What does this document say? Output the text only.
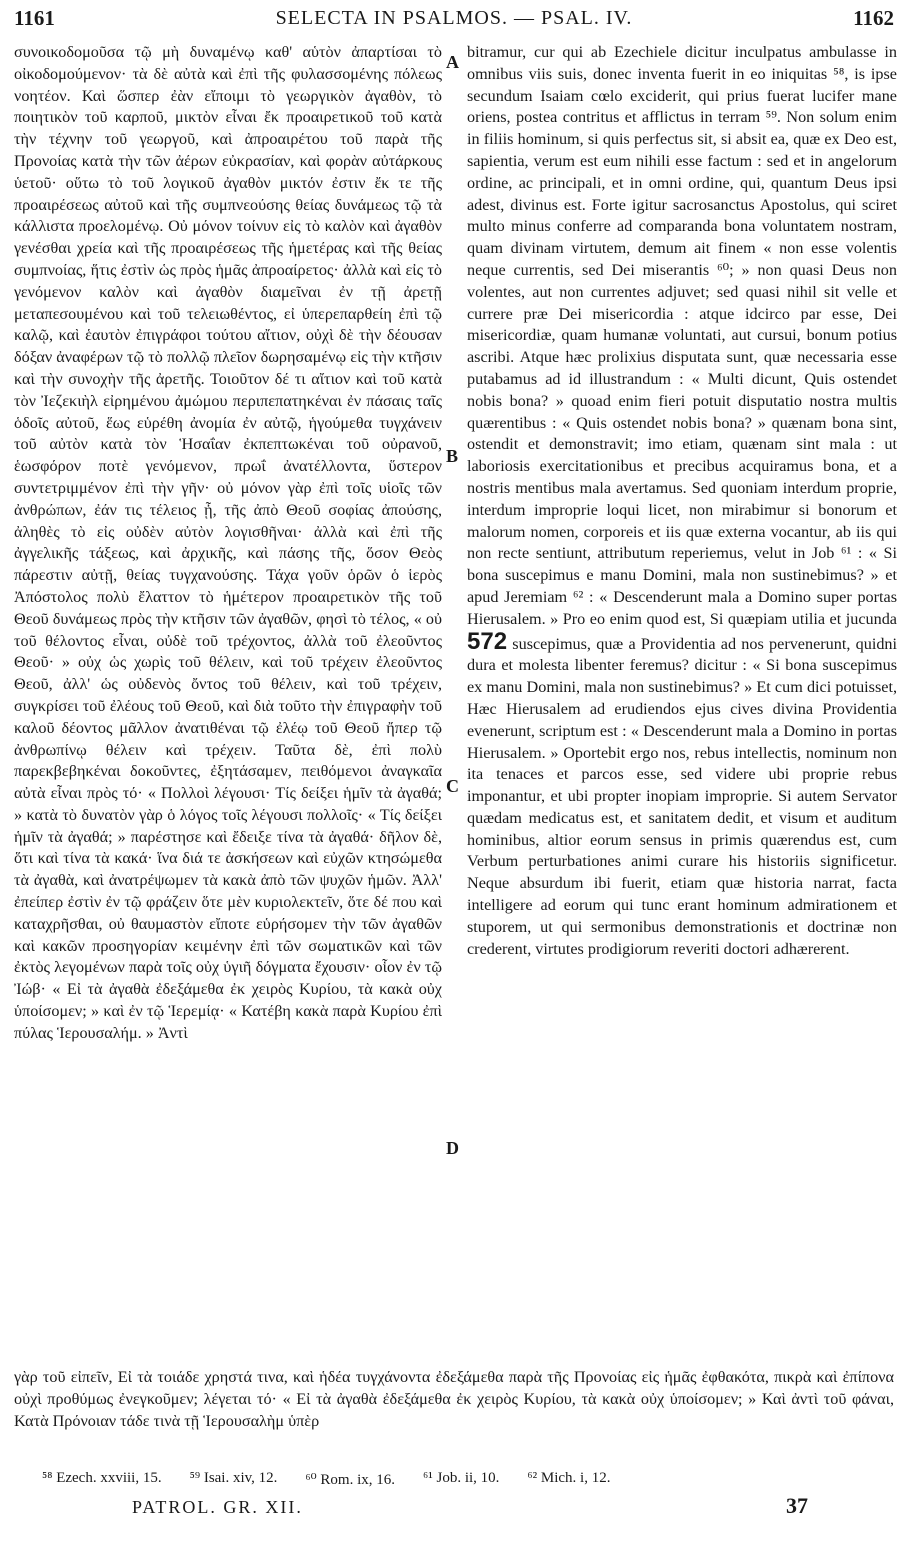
1161	SELECTA IN PSALMOS. — PSAL. IV.	1162

συνοικοδομοῦσα τῷ μὴ δυναμένῳ καθ' αὑτὸν ἀπαρτίσαι τὸ οἰκοδομούμενον· τὰ δὲ αὐτὰ καὶ ἐπὶ τῆς φυλασσομένης πόλεως νοητέον. Καὶ ὥσπερ ἐὰν εἴποιμι τὸ γεωργικὸν ἀγαθὸν, τὸ ποιητικὸν τοῦ καρποῦ, μικτὸν εἶναι ἔκ προαιρετικοῦ τοῦ κατὰ τὴν τέχνην τοῦ γεωργοῦ, καὶ ἀπροαιρέτου τοῦ παρὰ τῆς Προνοίας κατὰ τὴν τῶν ἀέρων εὐκρασίαν, καὶ φορὰν αὐτάρκους ὑετοῦ· οὕτω τὸ τοῦ λογικοῦ ἀγαθὸν μικτόν ἐστιν ἔκ τε τῆς προαιρέσεως αὐτοῦ καὶ τῆς συμπνεούσης θείας δυνάμεως τῷ τὰ κάλλιστα προελομένῳ. Οὐ μόνον τοίνυν εἰς τὸ καλὸν καὶ ἀγαθὸν γενέσθαι χρεία καὶ τῆς προαιρέσεως τῆς ἡμετέρας καὶ τῆς θείας συμπνοίας, ἥτις ἐστὶν ὡς πρὸς ἡμᾶς ἀπροαίρετος· ἀλλὰ καὶ εἰς τὸ γενόμενον καλὸν καὶ ἀγαθὸν διαμεῖναι ἐν τῇ ἀρετῇ μεταπεσουμένου καὶ τοῦ τελειωθέντος, εἰ ὑπερεπαρθείη ἐπὶ τῷ καλῷ, καὶ ἑαυτὸν ἐπιγράφοι τούτου αἴτιον, οὐχὶ δὲ τὴν δέουσαν δόξαν ἀναφέρων τῷ τὸ πολλῷ πλεῖον δωρησαμένῳ εἰς τὴν κτῆσιν καὶ τὴν συνοχὴν τῆς ἀρετῆς. Τοιοῦτον δέ τι αἴτιον καὶ τοῦ κατὰ τὸν Ἰεζεκιὴλ εἰρημένου ἀμώμου περιπεπατηκέναι ἐν πάσαις ταῖς ὁδοῖς αὐτοῦ, ἕως εὑρέθη ἀνομία ἐν αὐτῷ, ἡγούμεθα τυγχάνειν τοῦ αὐτὸν κατὰ τὸν Ἡσαΐαν ἐκπεπτωκέναι τοῦ οὐρανοῦ, ἑωσφόρον ποτὲ γενόμενον, πρωΐ ἀνατέλλοντα, ὕστερον συντετριμμένον ἐπὶ τὴν γῆν· οὐ μόνον γὰρ ἐπὶ τοῖς υἱοῖς τῶν ἀνθρώπων, ἐάν τις τέλειος ᾖ, τῆς ἀπὸ Θεοῦ σοφίας ἀπούσης, ἀληθὲς τὸ εἰς οὐδὲν αὐτὸν λογισθῆναι· ἀλλὰ καὶ ἐπὶ τῆς ἀγγελικῆς τάξεως, καὶ ἀρχικῆς, καὶ πάσης τῆς, ὅσον Θεὸς πάρεστιν αὐτῇ, θείας τυγχανούσης. Τάχα γοῦν ὁρῶν ὁ ἱερὸς Ἀπόστολος πολὺ ἔλαττον τὸ ἡμέτερον προαιρετικὸν τῆς τοῦ Θεοῦ δυνάμεως πρὸς τὴν κτῆσιν τῶν ἀγαθῶν, φησὶ τὸ τέλος, « οὐ τοῦ θέλοντος εἶναι, οὐδὲ τοῦ τρέχοντος, ἀλλὰ τοῦ ἐλεοῦντος Θεοῦ· » οὐχ ὡς χωρὶς τοῦ θέλειν, καὶ τοῦ τρέχειν ἐλεοῦντος Θεοῦ, ἀλλ' ὡς οὐδενὸς ὄντος τοῦ θέλειν, καὶ τοῦ τρέχειν, συγκρίσει τοῦ ἐλέους τοῦ Θεοῦ, καὶ διὰ τοῦτο τὴν ἐπιγραφὴν τοῦ καλοῦ δέοντος μᾶλλον ἀνατιθέναι τῷ ἐλέῳ τοῦ Θεοῦ ἤπερ τῷ ἀνθρωπίνῳ θέλειν καὶ τρέχειν. Ταῦτα δὲ, ἐπὶ πολὺ παρεκβεβηκέναι δοκοῦντες, ἐξητάσαμεν, πειθόμενοι ἀναγκαῖα αὐτὰ εἶναι πρὸς τό· « Πολλοὶ λέγουσι· Τίς δείξει ἡμῖν τὰ ἀγαθά; » κατὰ τὸ δυνατὸν γὰρ ὁ λόγος τοῖς λέγουσι πολλοῖς· « Τίς δείξει ἡμῖν τὰ ἀγαθά; » παρέστησε καὶ ἔδειξε τίνα τὰ ἀγαθά· δῆλον δὲ, ὅτι καὶ τίνα τὰ κακά· ἵνα διά τε ἀσκήσεων καὶ εὐχῶν κτησώμεθα τὰ ἀγαθὰ, καὶ ἀνατρέψωμεν τὰ κακὰ ἀπὸ τῶν ψυχῶν ἡμῶν. Ἀλλ' ἐπείπερ ἐστὶν ἐν τῷ φράζειν ὅτε μὲν κυριολεκτεῖν, ὅτε δέ που καὶ καταχρῆσθαι, οὐ θαυμαστὸν εἴποτε εὑρήσομεν τὴν τῶν ἀγαθῶν καὶ κακῶν προσηγορίαν κειμένην ἐπὶ τῶν σωματικῶν καὶ τῶν ἐκτὸς λεγομένων παρὰ τοῖς οὐχ ὑγιῆ δόγματα ἔχουσιν· οἷον ἐν τῷ Ἰώβ· « Εἰ τὰ ἀγαθὰ ἐδεξάμεθα ἐκ χειρὸς Κυρίου, τὰ κακὰ οὐχ ὑποίσομεν; » καὶ ἐν τῷ Ἱερεμίᾳ· « Κατέβη κακὰ παρὰ Κυρίου ἐπὶ πύλας Ἱερουσαλήμ. » Ἀντὶ

A
B
C
D

bitramur, cur qui ab Ezechiele dicitur inculpatus ambulasse in omnibus viis suis, donec inventa fuerit in eo iniquitas ⁵⁸, is ipse secundum Isaiam cœlo exciderit, qui prius fuerat lucifer mane oriens, postea contritus et afflictus in terram ⁵⁹. Non solum enim in filiis hominum, si quis perfectus sit, si absit ea, quæ ex Deo est, sapientia, verum est eum nihili esse factum : sed et in angelorum ordine, ac principali, et in omni ordine, qui, quantum Deus ipsi adest, divinus est. Forte igitur sacrosanctus Apostolus, qui sciret multo minus conferre ad comparanda bona voluntatem nostram, quam divinam virtutem, demum ait finem « non esse volentis neque currentis, sed Dei miserantis ⁶⁰; » non quasi Deus non volentes, aut non currentes adjuvet; sed quasi nihil sit velle et currere præ Dei misericordia : atque idcirco par esse, Dei misericordiæ, quam humanæ voluntati, aut cursui, bonum potius ascribi. Atque hæc prolixius disputata sunt, quæ necessaria esse putabamus ad id illustrandum : « Multi dicunt, Quis ostendet nobis bona? » quoad enim fieri potuit disputatio nostra multis quærentibus : « Quis ostendet nobis bona? » quænam bona sint, ostendit et demonstravit; imo etiam, quænam sint mala : ut laboriosis exercitationibus et precibus acquiramus bona, et a nostris mentibus mala avertamus. Sed quoniam interdum proprie, interdum improprie loqui licet, non mirabimur si bonorum et malorum nomen, corporeis et iis quæ externa vocantur, ab iis qui non recte sentiunt, attributum reperiemus, velut in Job ⁶¹ : « Si bona suscepimus e manu Domini, mala non sustinebimus? » et apud Jeremiam ⁶² : « Descenderunt mala a Domino super portas Hierusalem. » Pro eo enim quod est, Si quæpiam utilia et jucunda 572 suscepimus, quæ a Providentia ad nos pervenerunt, quidni dura et molesta libenter feremus? dicitur : « Si bona suscepimus ex manu Domini, mala non sustinebimus? » Et cum dici potuisset, Hæc Hierusalem ad erudiendos ejus cives divina Providentia evenerunt, scriptum est : « Descenderunt mala a Domino in portas Hierusalem. » Oportebit ergo nos, rebus intellectis, nominum non ita tenaces et parcos esse, sed videre ubi proprie rebus imponantur, et ubi propter inopiam improprie. Si autem Servator quædam medicatus est, et sanitatem dedit, et visum et auditum hominibus, altior eorum sensus in primis quærendus est, cum Verbum perturbationes animi curare his historiis significetur. Neque absurdum ibi fuerit, etiam quæ historia narrat, facta intelligere ad eorum qui tunc erant hominum admirationem et stuporem, ut qui sermonibus demonstrationis et doctrinæ non crederent, virtutes prodigiorum reveriti doctori adhærerent.

γὰρ τοῦ εἰπεῖν, Εἰ τὰ τοιάδε χρηστά τινα, καὶ ἡδέα τυγχάνοντα ἐδεξάμεθα παρὰ τῆς Προνοίας εἰς ἡμᾶς ἐφθακότα, πικρὰ καὶ ἐπίπονα οὐχὶ προθύμως ἐνεγκοῦμεν; λέγεται τό· « Εἰ τὰ ἀγαθὰ ἐδεξάμεθα ἐκ χειρὸς Κυρίου, τὰ κακὰ οὐχ ὑποίσομεν; » Καὶ ἀντὶ τοῦ φάναι, Κατὰ Πρόνοιαν τάδε τινὰ τῇ Ἱερουσαλὴμ ὑπὲρ

⁵⁸ Ezech. xxviii, 15. ⁵⁹ Isai. xiv, 12. ⁶⁰ Rom. ix, 16. ⁶¹ Job. ii, 10. ⁶² Mich. i, 12.
PATROL. GR. XII.	37
